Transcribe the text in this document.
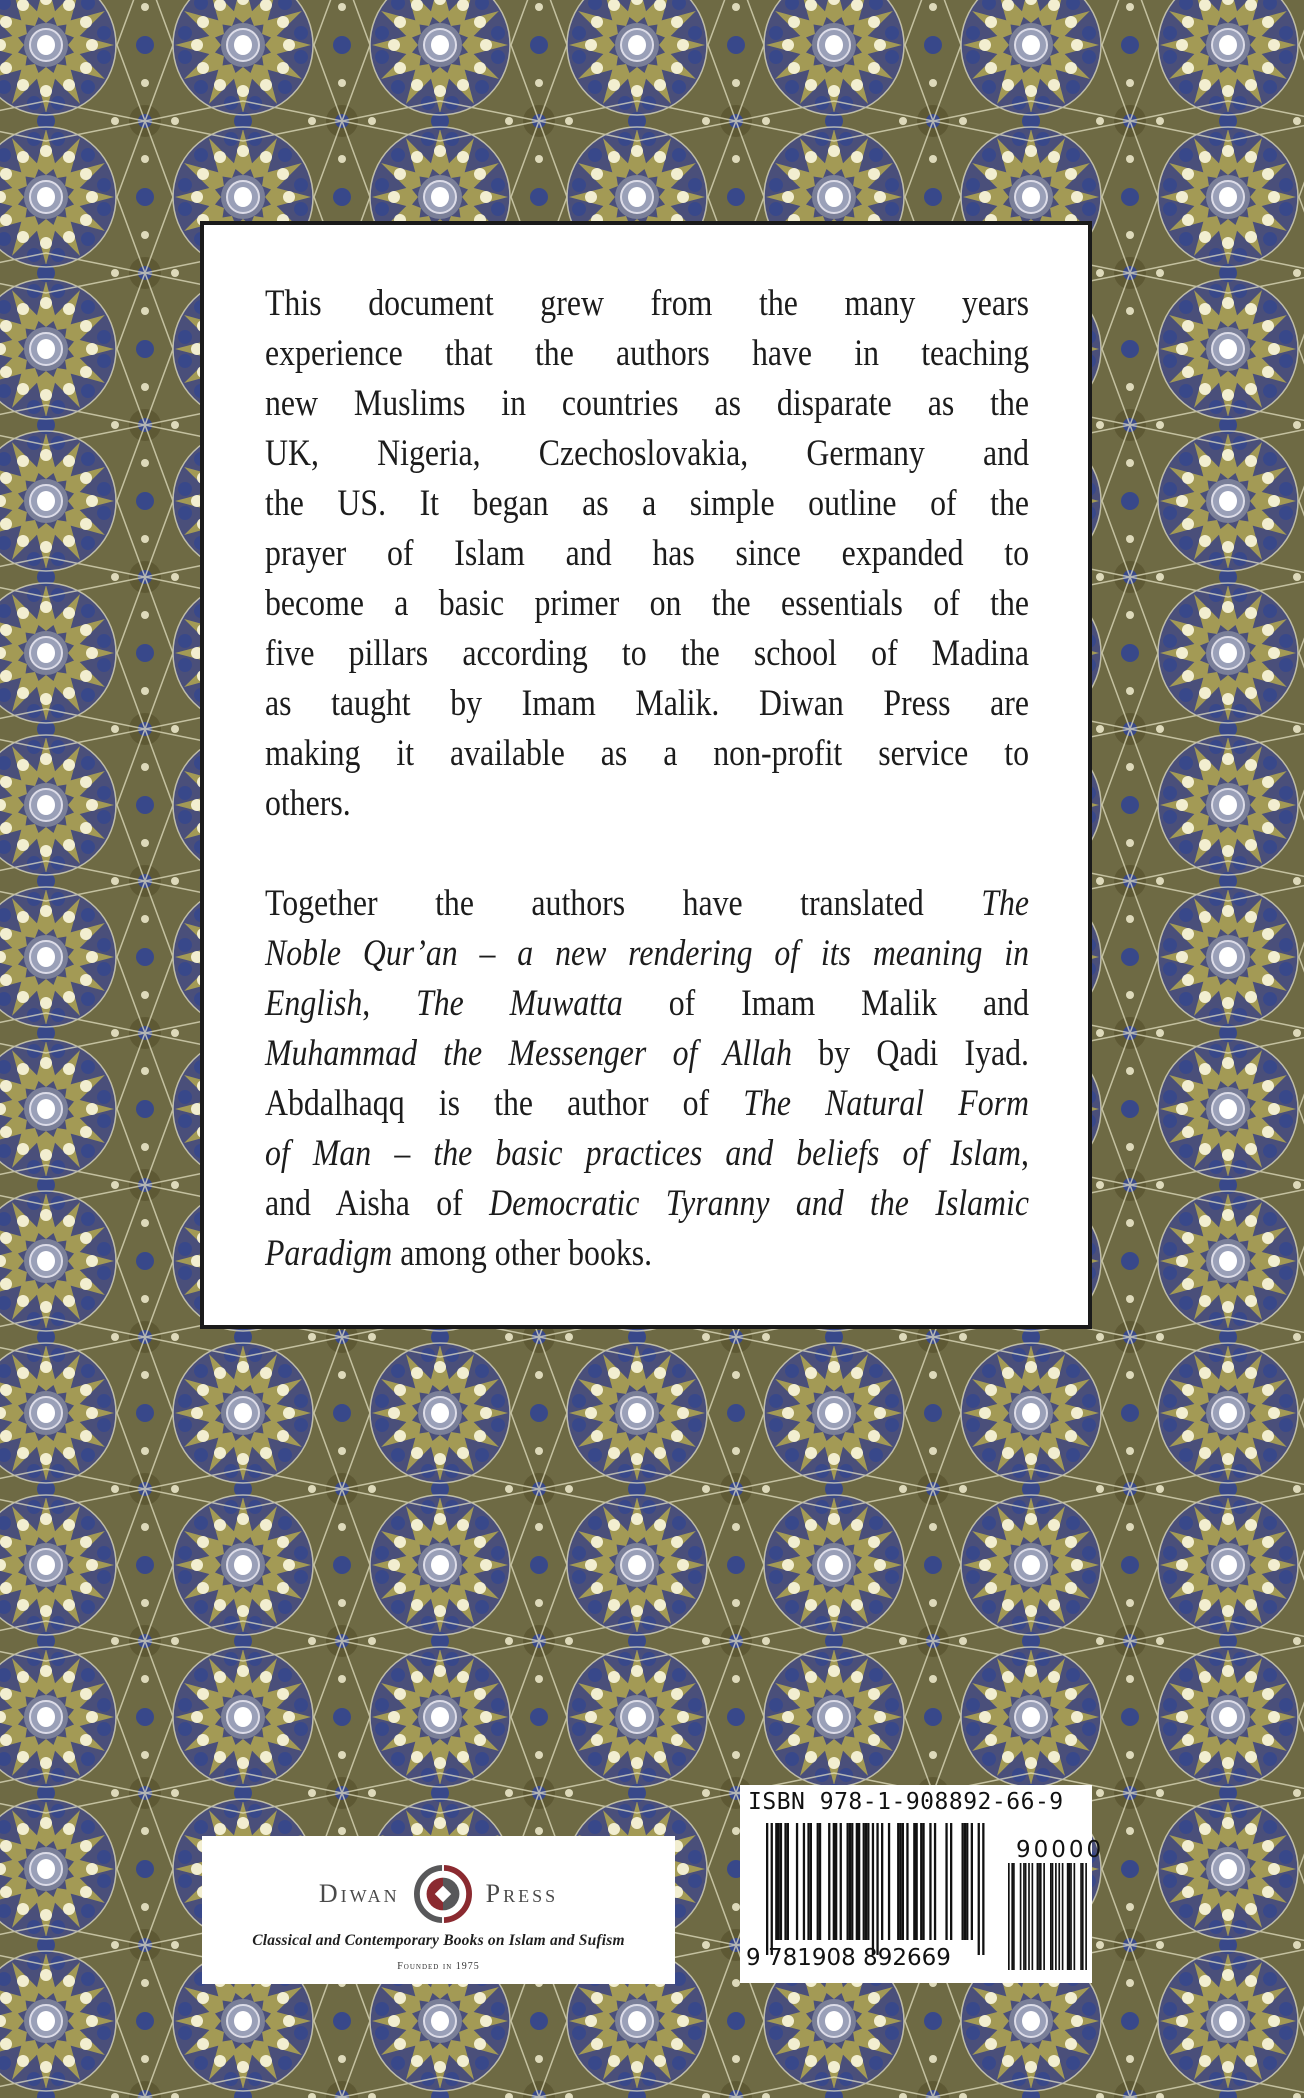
This document grew from the many years
experience that the authors have in teaching
new Muslims in countries as disparate as the
UK, Nigeria, Czechoslovakia, Germany and
the US. It began as a simple outline of the
prayer of Islam and has since expanded to
become a basic primer on the essentials of the
five pillars according to the school of Madina
as taught by Imam Malik. Diwan Press are
making it available as a non-profit service to
others.
Together the authors have translated The
Noble Qur’an – a new rendering of its meaning in
English, The Muwatta of Imam Malik and
Muhammad the Messenger of Allah by Qadi Iyad.
Abdalhaqq is the author of The Natural Form
of Man – the basic practices and beliefs of Islam,
and Aisha of Democratic Tyranny and the Islamic
Paradigm among other books.
Diwan	Press
Classical and Contemporary Books on Islam and Sufism
Founded in 1975
ISBN 978-1-908892-66-9
90000
9 781908 892669
